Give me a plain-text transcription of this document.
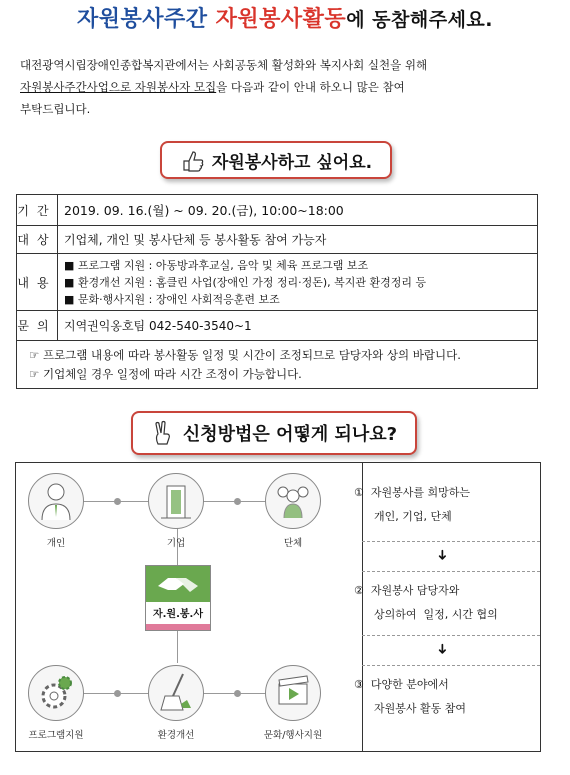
자원봉사주간 자원봉사활동에 동참해주세요.
대전광역시립장애인종합복지관에서는 사회공동체 활성화와 복지사회 실천을 위해
자원봉사주간사업으로 자원봉사자 모집을 다음과 같이 안내 하오니 많은 참여
부탁드립니다.
자원봉사하고 싶어요.
기간	2019. 09. 16.(월) ~ 09. 20.(금), 10:00~18:00
대상	기업체, 개인 및 봉사단체 등 봉사활동 참여 가능자
내용	■ 프로그램 지원 : 아동방과후교실, 음악 및 체육 프로그램 보조
■ 환경개선 지원 : 홈클린 사업(장애인 가정 정리·정돈), 복지관 환경정리 등
■ 문화·행사지원 : 장애인 사회적응훈련 보조

문의	지역권익옹호팀 042-540-3540~1

☞ 프로그램 내용에 따라 봉사활동 일정 및 시간이 조정되므로 담당자와 상의 바랍니다.
☞ 기업체일 경우 일정에 따라 시간 조정이 가능합니다.	
신청방법은 어떻게 되나요?
개인	기업	단체
자.원.봉.사
프로그램지원	환경개선	문화/행사지원
① 자원봉사를 희망하는
개인, 기업, 단체
➜
② 자원봉사 담당자와
상의하여  일정, 시간 협의
➜
③ 다양한 분야에서
자원봉사 활동 참여
